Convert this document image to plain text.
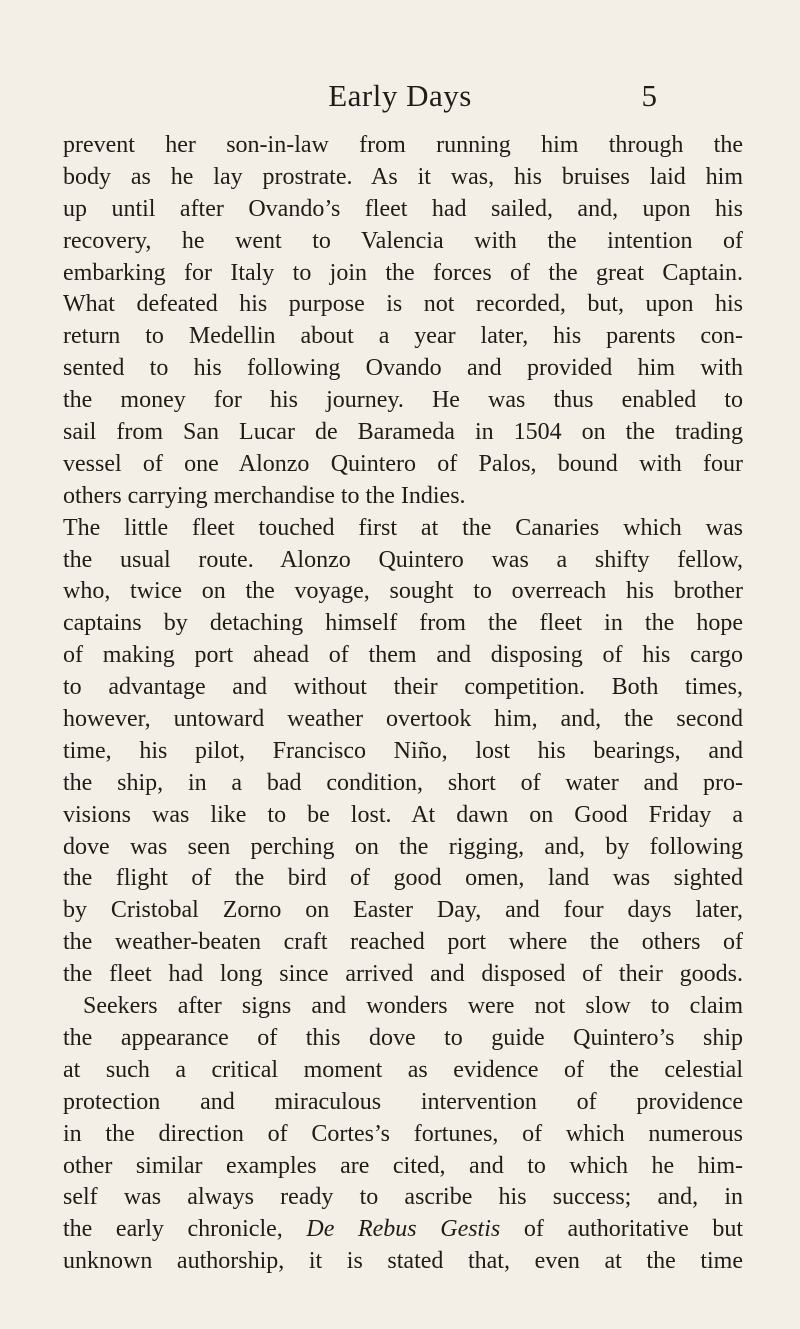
Early Days	5
prevent her son-in-law from running him through the
body as he lay prostrate. As it was, his bruises laid him
up until after Ovando’s fleet had sailed, and, upon his
recovery, he went to Valencia with the intention of
embarking for Italy to join the forces of the great Captain.
What defeated his purpose is not recorded, but, upon his
return to Medellin about a year later, his parents con-
sented to his following Ovando and provided him with
the money for his journey. He was thus enabled to
sail from San Lucar de Barameda in 1504 on the trading
vessel of one Alonzo Quintero of Palos, bound with four
others carrying merchandise to the Indies.
The little fleet touched first at the Canaries which was
the usual route. Alonzo Quintero was a shifty fellow,
who, twice on the voyage, sought to overreach his brother
captains by detaching himself from the fleet in the hope
of making port ahead of them and disposing of his cargo
to advantage and without their competition. Both times,
however, untoward weather overtook him, and, the second
time, his pilot, Francisco Niño, lost his bearings, and
the ship, in a bad condition, short of water and pro-
visions was like to be lost. At dawn on Good Friday a
dove was seen perching on the rigging, and, by following
the flight of the bird of good omen, land was sighted
by Cristobal Zorno on Easter Day, and four days later,
the weather-beaten craft reached port where the others of
the fleet had long since arrived and disposed of their goods.
Seekers after signs and wonders were not slow to claim
the appearance of this dove to guide Quintero’s ship
at such a critical moment as evidence of the celestial
protection and miraculous intervention of providence
in the direction of Cortes’s fortunes, of which numerous
other similar examples are cited, and to which he him-
self was always ready to ascribe his success; and, in
the early chronicle, De Rebus Gestis of authoritative but
unknown authorship, it is stated that, even at the time
